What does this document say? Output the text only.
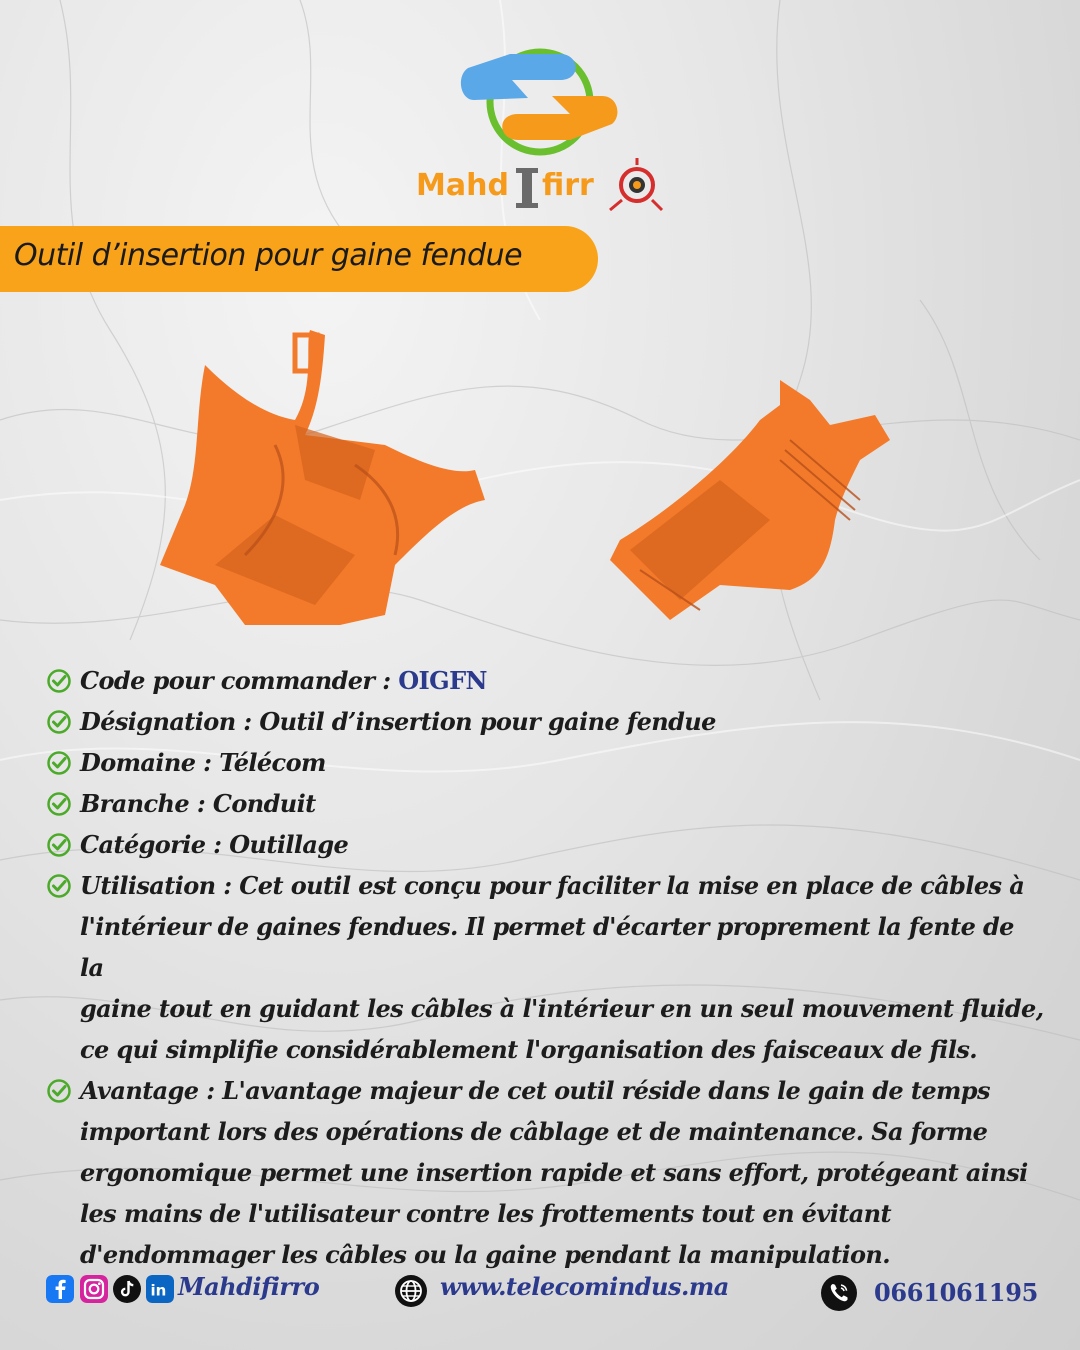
Mahd firr
Outil d’insertion pour gaine fendue
Code pour commander : OIGFN
Désignation : Outil d’insertion pour gaine fendue
Domaine : Télécom
Branche : Conduit
Catégorie : Outillage
Utilisation : Cet outil est conçu pour faciliter la mise en place de câbles à
l'intérieur de gaines fendues. Il permet d'écarter proprement la fente de la
gaine tout en guidant les câbles à l'intérieur en un seul mouvement fluide,
ce qui simplifie considérablement l'organisation des faisceaux de fils.
Avantage : L'avantage majeur de cet outil réside dans le gain de temps
important lors des opérations de câblage et de maintenance. Sa forme
ergonomique permet une insertion rapide et sans effort, protégeant ainsi
les mains de l'utilisateur contre les frottements tout en évitant
d'endommager les câbles ou la gaine pendant la manipulation.
in Mahdifirro	www.telecomindus.ma	0661061195
